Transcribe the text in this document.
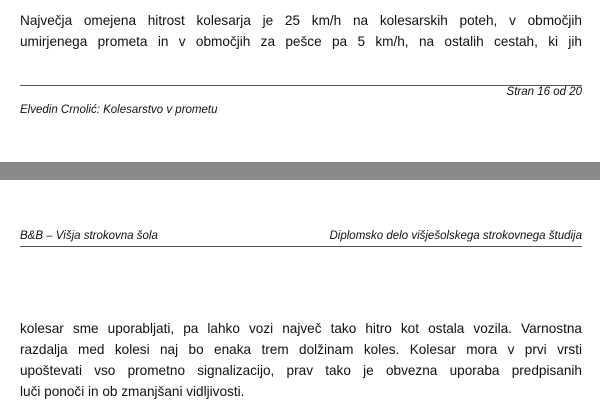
Največja omejena hitrost kolesarja je 25 km/h na kolesarskih poteh, v območjih
umirjenega prometa in v območjih za pešce pa 5 km/h, na ostalih cestah, ki jih

Stran 16 od 20
Elvedin Crnolić: Kolesarstvo v prometu
B&B – Višja strokovna šola	Diplomsko delo višješolskega strokovnega študija

kolesar sme uporabljati, pa lahko vozi največ tako hitro kot ostala vozila. Varnostna
razdalja med kolesi naj bo enaka trem dolžinam koles. Kolesar mora v prvi vrsti
upoštevati vso prometno signalizacijo, prav tako je obvezna uporaba predpisanih
luči ponoči in ob zmanjšani vidljivosti.
